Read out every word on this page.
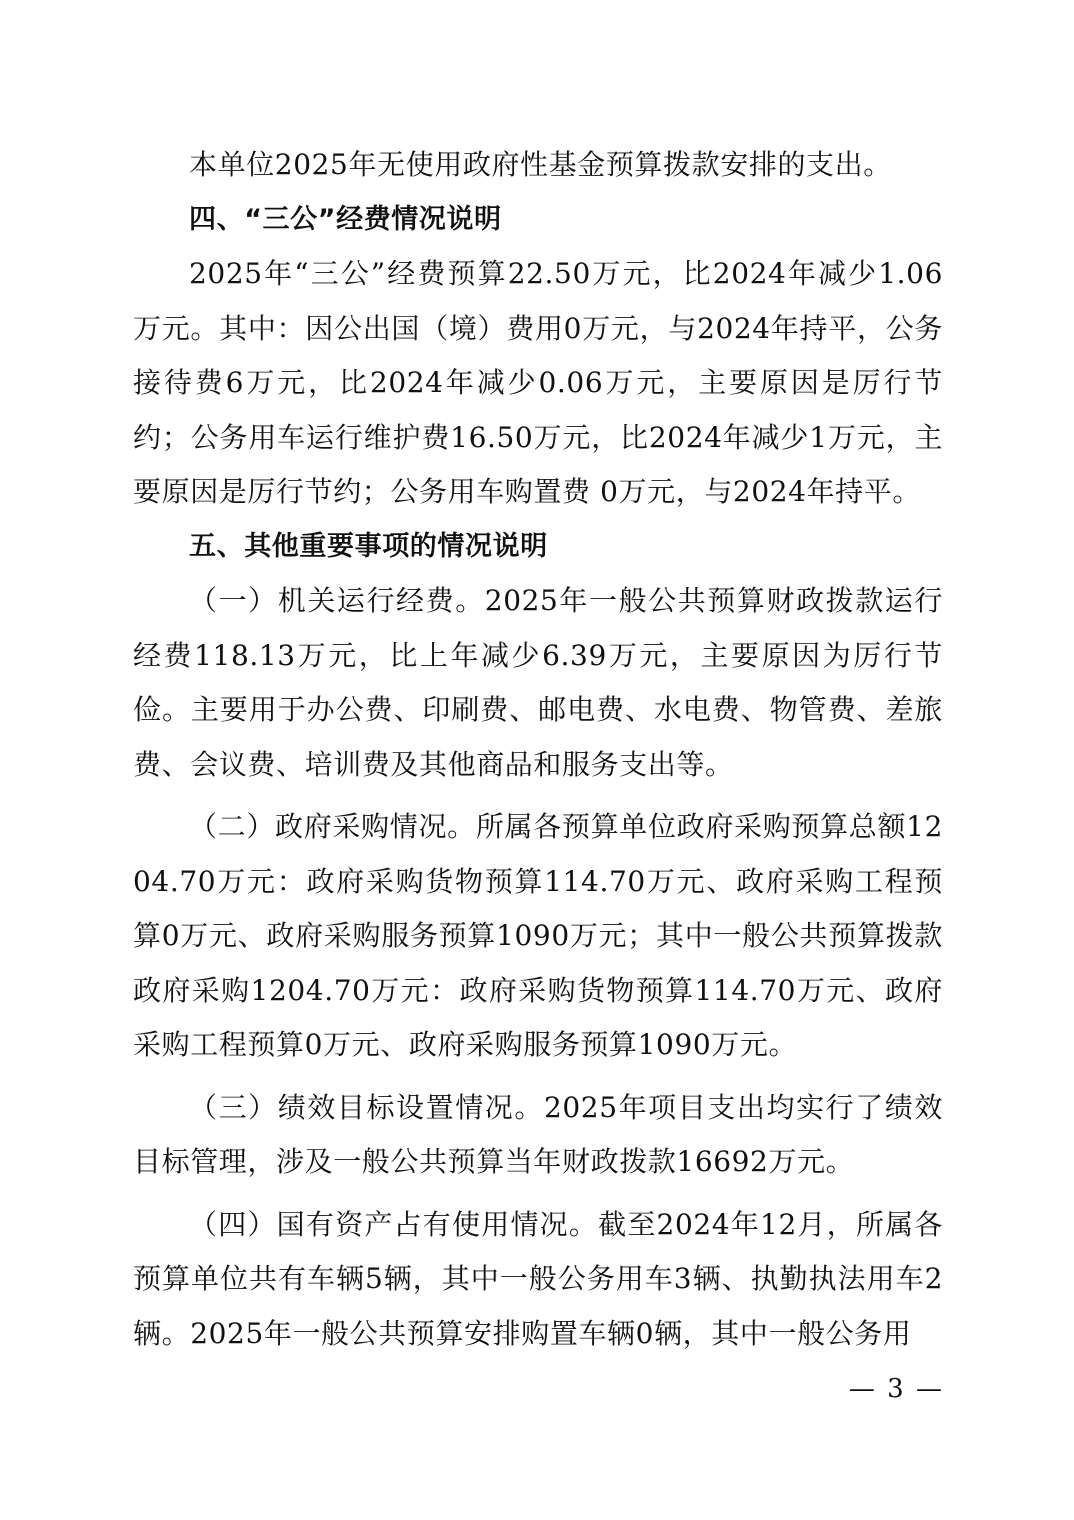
本单位2025年无使用政府性基金预算拨款安排的支出。

四、“三公”经费情况说明

2025年“三公”经费预算22.50万元，比2024年减少1.06万元。其中：因公出国（境）费用0万元，与2024年持平，公务接待费6万元，比2024年减少0.06万元，主要原因是厉行节约；公务用车运行维护费16.50万元，比2024年减少1万元，主要原因是厉行节约；公务用车购置费 0万元，与2024年持平。

五、其他重要事项的情况说明

（一）机关运行经费。2025年一般公共预算财政拨款运行经费118.13万元，比上年减少6.39万元，主要原因为厉行节俭。主要用于办公费、印刷费、邮电费、水电费、物管费、差旅费、会议费、培训费及其他商品和服务支出等。

（二）政府采购情况。所属各预算单位政府采购预算总额1204.70万元：政府采购货物预算114.70万元、政府采购工程预算0万元、政府采购服务预算1090万元；其中一般公共预算拨款政府采购1204.70万元：政府采购货物预算114.70万元、政府采购工程预算0万元、政府采购服务预算1090万元。

（三）绩效目标设置情况。2025年项目支出均实行了绩效目标管理，涉及一般公共预算当年财政拨款16692万元。

（四）国有资产占有使用情况。截至2024年12月，所属各预算单位共有车辆5辆，其中一般公务用车3辆、执勤执法用车2辆。2025年一般公共预算安排购置车辆0辆，其中一般公务用

— 3 —
